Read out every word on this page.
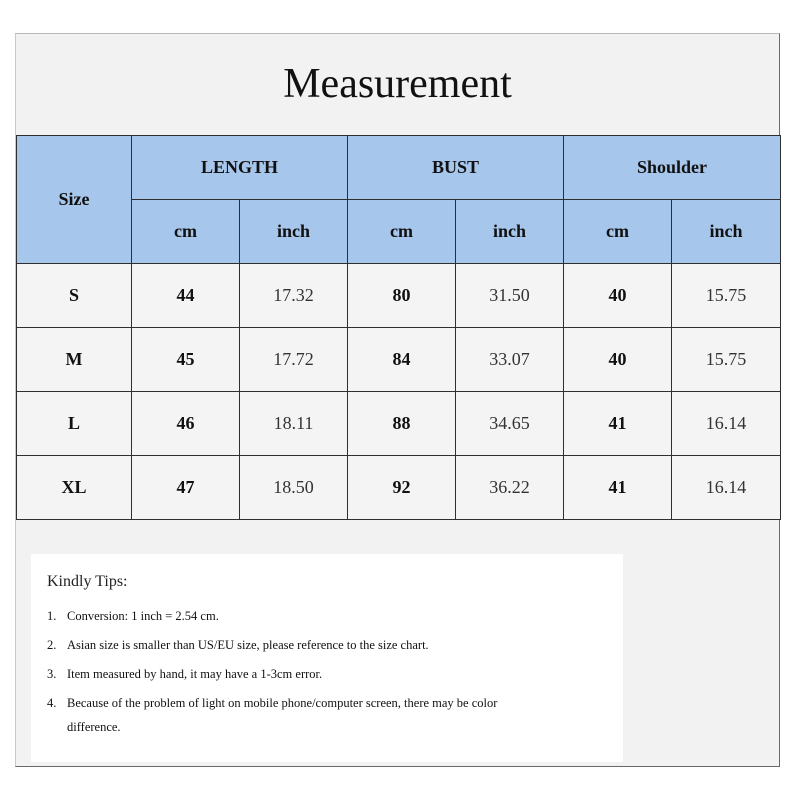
Measurement
Size	LENGTH		BUST		Shoulder	
	cm	inch	cm	inch	cm	inch
S	44	17.32	80	31.50	40	15.75
M	45	17.72	84	33.07	40	15.75
L	46	18.11	88	34.65	41	16.14
XL	47	18.50	92	36.22	41	16.14
Kindly Tips:
1. Conversion: 1 inch = 2.54 cm.
2. Asian size is smaller than US/EU size, please reference to the size chart.
3. Item measured by hand, it may have a 1-3cm error.
4. Because of the problem of light on mobile phone/computer screen, there may be color difference.
